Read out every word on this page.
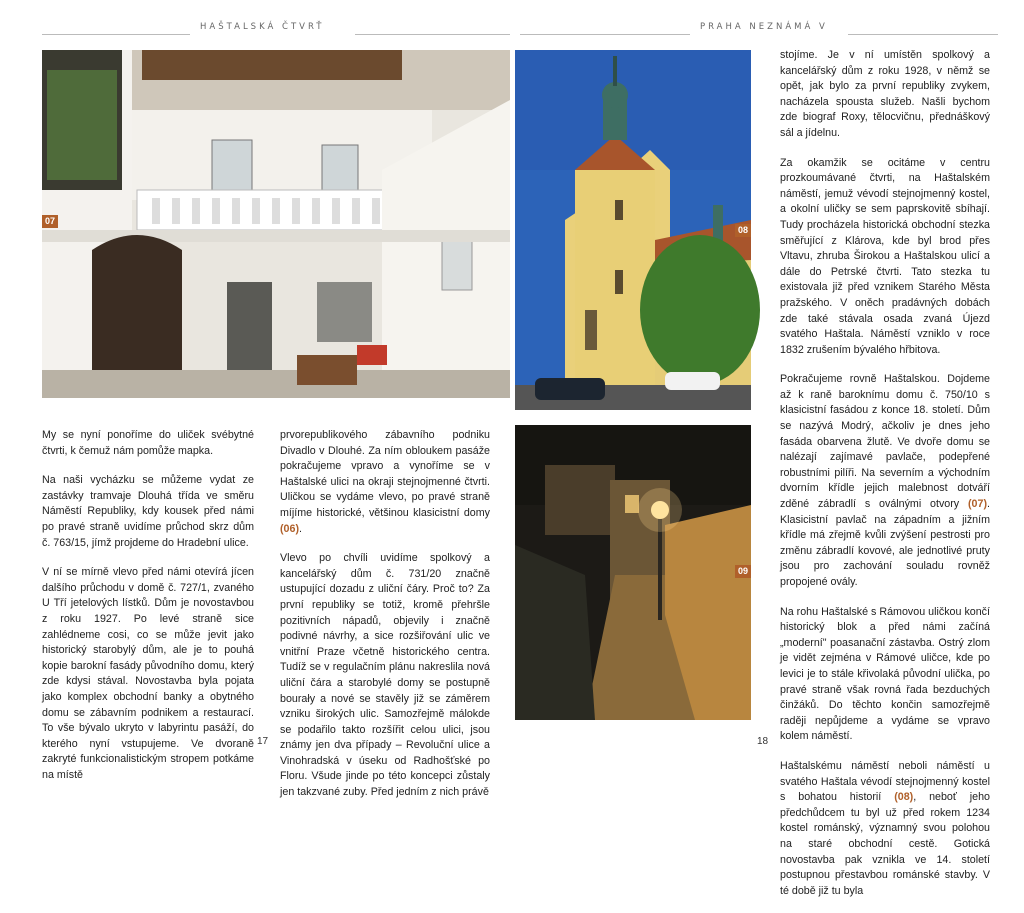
HAŠTALSKÁ ČTVRŤ	PRAHA NEZNÁMÁ V
07
08
09

My se nyní ponoříme do uliček svébytné čtvrti, k čemuž nám pomůže mapka.

Na naši vycházku se můžeme vydat ze zastávky tramvaje Dlouhá třída ve směru Náměstí Republiky, kdy kousek před námi po pravé straně uvidíme průchod skrz dům č. 763/15, jímž projdeme do Hradební ulice.

V ní se mírně vlevo před námi otevírá jícen dalšího průchodu v domě č. 727/1, zvaného U Tří jetelových lístků. Dům je novostavbou z roku 1927. Po levé straně sice zahlédneme cosi, co se může jevit jako historický starobylý dům, ale je to pouhá kopie barokní fasády původního domu, který zde kdysi stával. Novostavba byla pojata jako komplex obchodní banky a obytného domu se zábavním podnikem a restaurací. To vše bývalo ukryto v labyrintu pasáží, do kterého nyní vstupujeme. Ve dvoraně zakryté funkcionalistickým stropem potkáme na místě

prvorepublikového zábavního podniku Divadlo v Dlouhé. Za ním obloukem pasáže pokračujeme vpravo a vynoříme se v Haštalské ulici na okraji stejnojmenné čtvrti. Uličkou se vydáme vlevo, po pravé straně míjíme historické, většinou klasicistní domy (06).

Vlevo po chvíli uvidíme spolkový a kancelářský dům č. 731/20 značně ustupující dozadu z uliční čáry. Proč to? Za první republiky se totiž, kromě přehršle pozitivních nápadů, objevily i značně podivné návrhy, a sice rozšiřování ulic ve vnitřní Praze včetně historického centra. Tudíž se v regulačním plánu nakreslila nová uliční čára a starobylé domy se postupně bourały a nové se stavěly již se záměrem vzniku širokých ulic. Samozřejmě málokde se podařilo takto rozšířit celou ulici, jsou známy jen dva případy – Revoluční ulice a Vinohradská v úseku od Radhošťské po Floru. Všude jinde po této koncepci zůstaly jen takzvané zuby. Před jedním z nich právě

stojíme. Je v ní umístěn spolkový a kancelářský dům z roku 1928, v němž se opět, jak bylo za první republiky zvykem, nacházela spousta služeb. Našli bychom zde biograf Roxy, tělocvičnu, přednáškový sál a jídelnu.

Za okamžik se ocitáme v centru prozkoumávané čtvrti, na Haštalském náměstí, jemuž vévodí stejnojmenný kostel, a okolní uličky se sem paprskovitě sbíhají. Tudy procházela historická obchodní stezka směřující z Klárova, kde byl brod přes Vltavu, zhruba Širokou a Haštalskou ulicí a dále do Petrské čtvrti. Tato stezka tu existovala již před vznikem Starého Města pražského. V oněch pradávných dobách zde také stávala osada zvaná Újezd svatého Haštala. Náměstí vzniklo v roce 1832 zrušením bývalého hřbitova.

Pokračujeme rovně Haštalskou. Dojdeme až k raně baroknímu domu č. 750/10 s klasicistní fasádou z konce 18. století. Dům se nazývá Modrý, ačkoliv je dnes jeho fasáda obarvena žlutě. Ve dvoře domu se nalézají zajímavé pavlače, podepřené robustními pilíři. Na severním a východním dvorním křídle jejich malebnost dotváří zděné zábradlí s oválnými otvory (07). Klasicistní pavlač na západním a jižním křídle má zřejmě kvůli zvýšení pestrosti pro změnu zábradlí kovové, ale jednotlivé pruty jsou pro zachování souladu rovněž propojené ovály.

Na rohu Haštalské s Rámovou uličkou končí historický blok a před námi začíná „moderní" poasanační zástavba. Ostrý zlom je vidět zejména v Rámové uličce, kde po levici je to stále křivolaká původní ulička, po pravé straně však rovná řada bezduchých činžáků. Do těchto končin samozřejmě raději nepůjdeme a vydáme se vpravo kolem náměstí.

Haštalskému náměstí neboli náměstí u svatého Haštala vévodí stejnojmenný kostel s bohatou historií (08), neboť jeho předchůdcem tu byl už před rokem 1234 kostel románský, významný svou polohou na staré obchodní cestě. Gotická novostavba pak vznikla ve 14. století postupnou přestavbou románské stavby. V té době již tu byla

17	18
